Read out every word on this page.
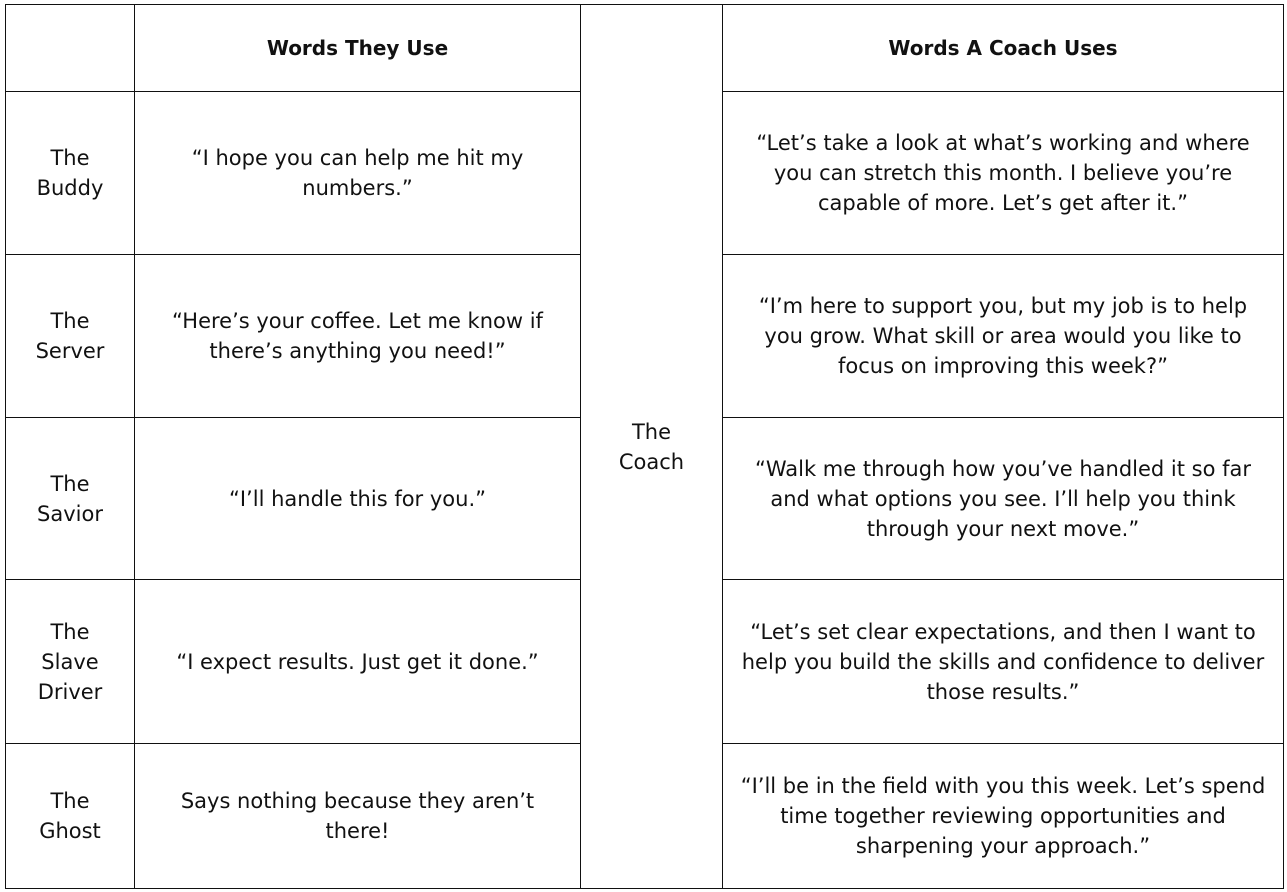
	Words They Use	The Coach	Words A Coach Uses
The Buddy	“I hope you can help me hit my numbers.”		“Let’s take a look at what’s working and where you can stretch this month. I believe you’re capable of more. Let’s get after it.”
The Server	“Here’s your coffee. Let me know if there’s anything you need!”		“I’m here to support you, but my job is to help you grow. What skill or area would you like to focus on improving this week?”
The Savior	“I’ll handle this for you.”		“Walk me through how you’ve handled it so far and what options you see. I’ll help you think through your next move.”
The Slave Driver	“I expect results. Just get it done.”		“Let’s set clear expectations, and then I want to help you build the skills and confidence to deliver those results.”
The Ghost	Says nothing because they aren’t there!		“I’ll be in the field with you this week. Let’s spend time together reviewing opportunities and sharpening your approach.”
